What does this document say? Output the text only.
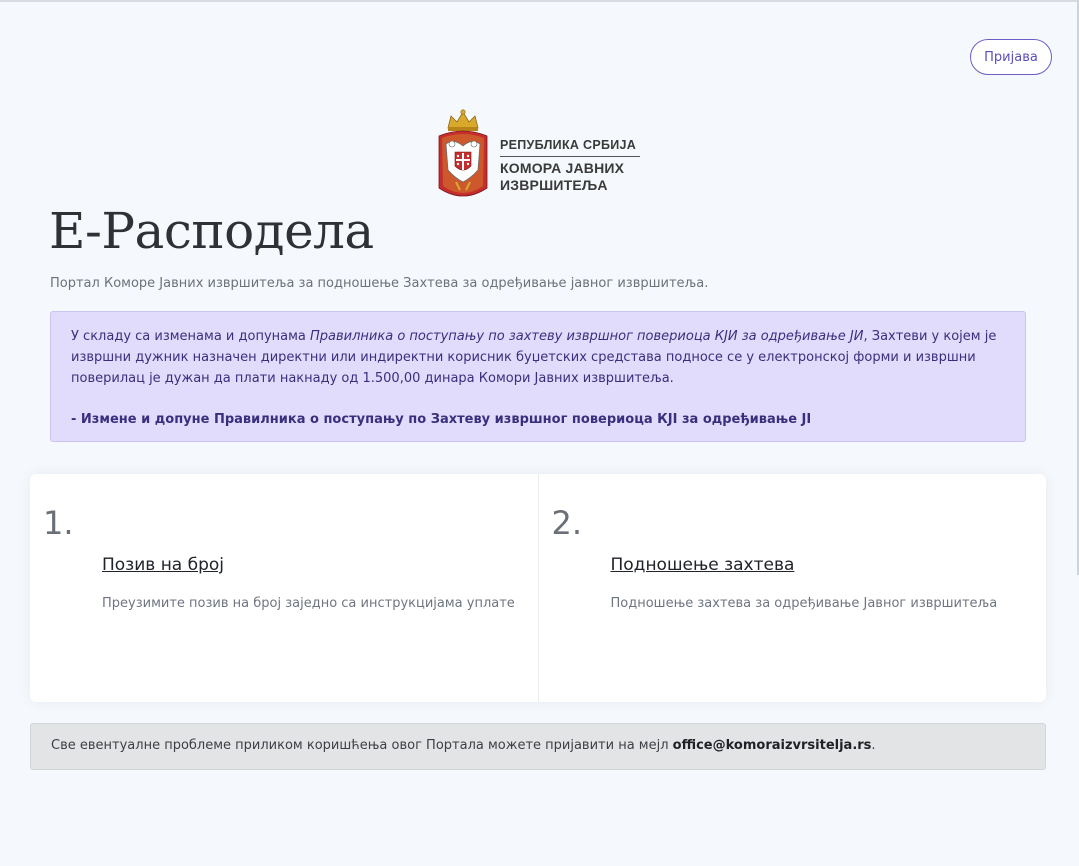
Пријава
РЕПУБЛИКА СРБИЈА
КОМОРА ЈАВНИХ
ИЗВРШИТЕЉА
Е-Расподела

Портал Коморе Јавних извршитеља за подношење Захтева за одређивање јавног извршитеља.

У складу са изменама и допунама Правилника о поступању по захтеву извршног повериоца КЈИ за одређивање ЈИ, Захтеви у којем је извршни дужник назначен директни или индиректни корисник буџетских средстава подносе се у електронској форми и извршни поверилац је дужан да плати накнаду од 1.500,00 динара Комори Јавних извршитеља.

- Измене и допуне Правилника о поступању по Захтеву извршног повериоца КЈI за одређивање ЈI

1.
Позив на број
Преузимите позив на број заједно са инструкцијама уплате
2.
Подношење захтева
Подношење захтева за одређивање Јавног извршитеља
Све евентуалне проблеме приликом коришћења овог Портала можете пријавити на мејл office@komoraizvrsitelja.rs.
